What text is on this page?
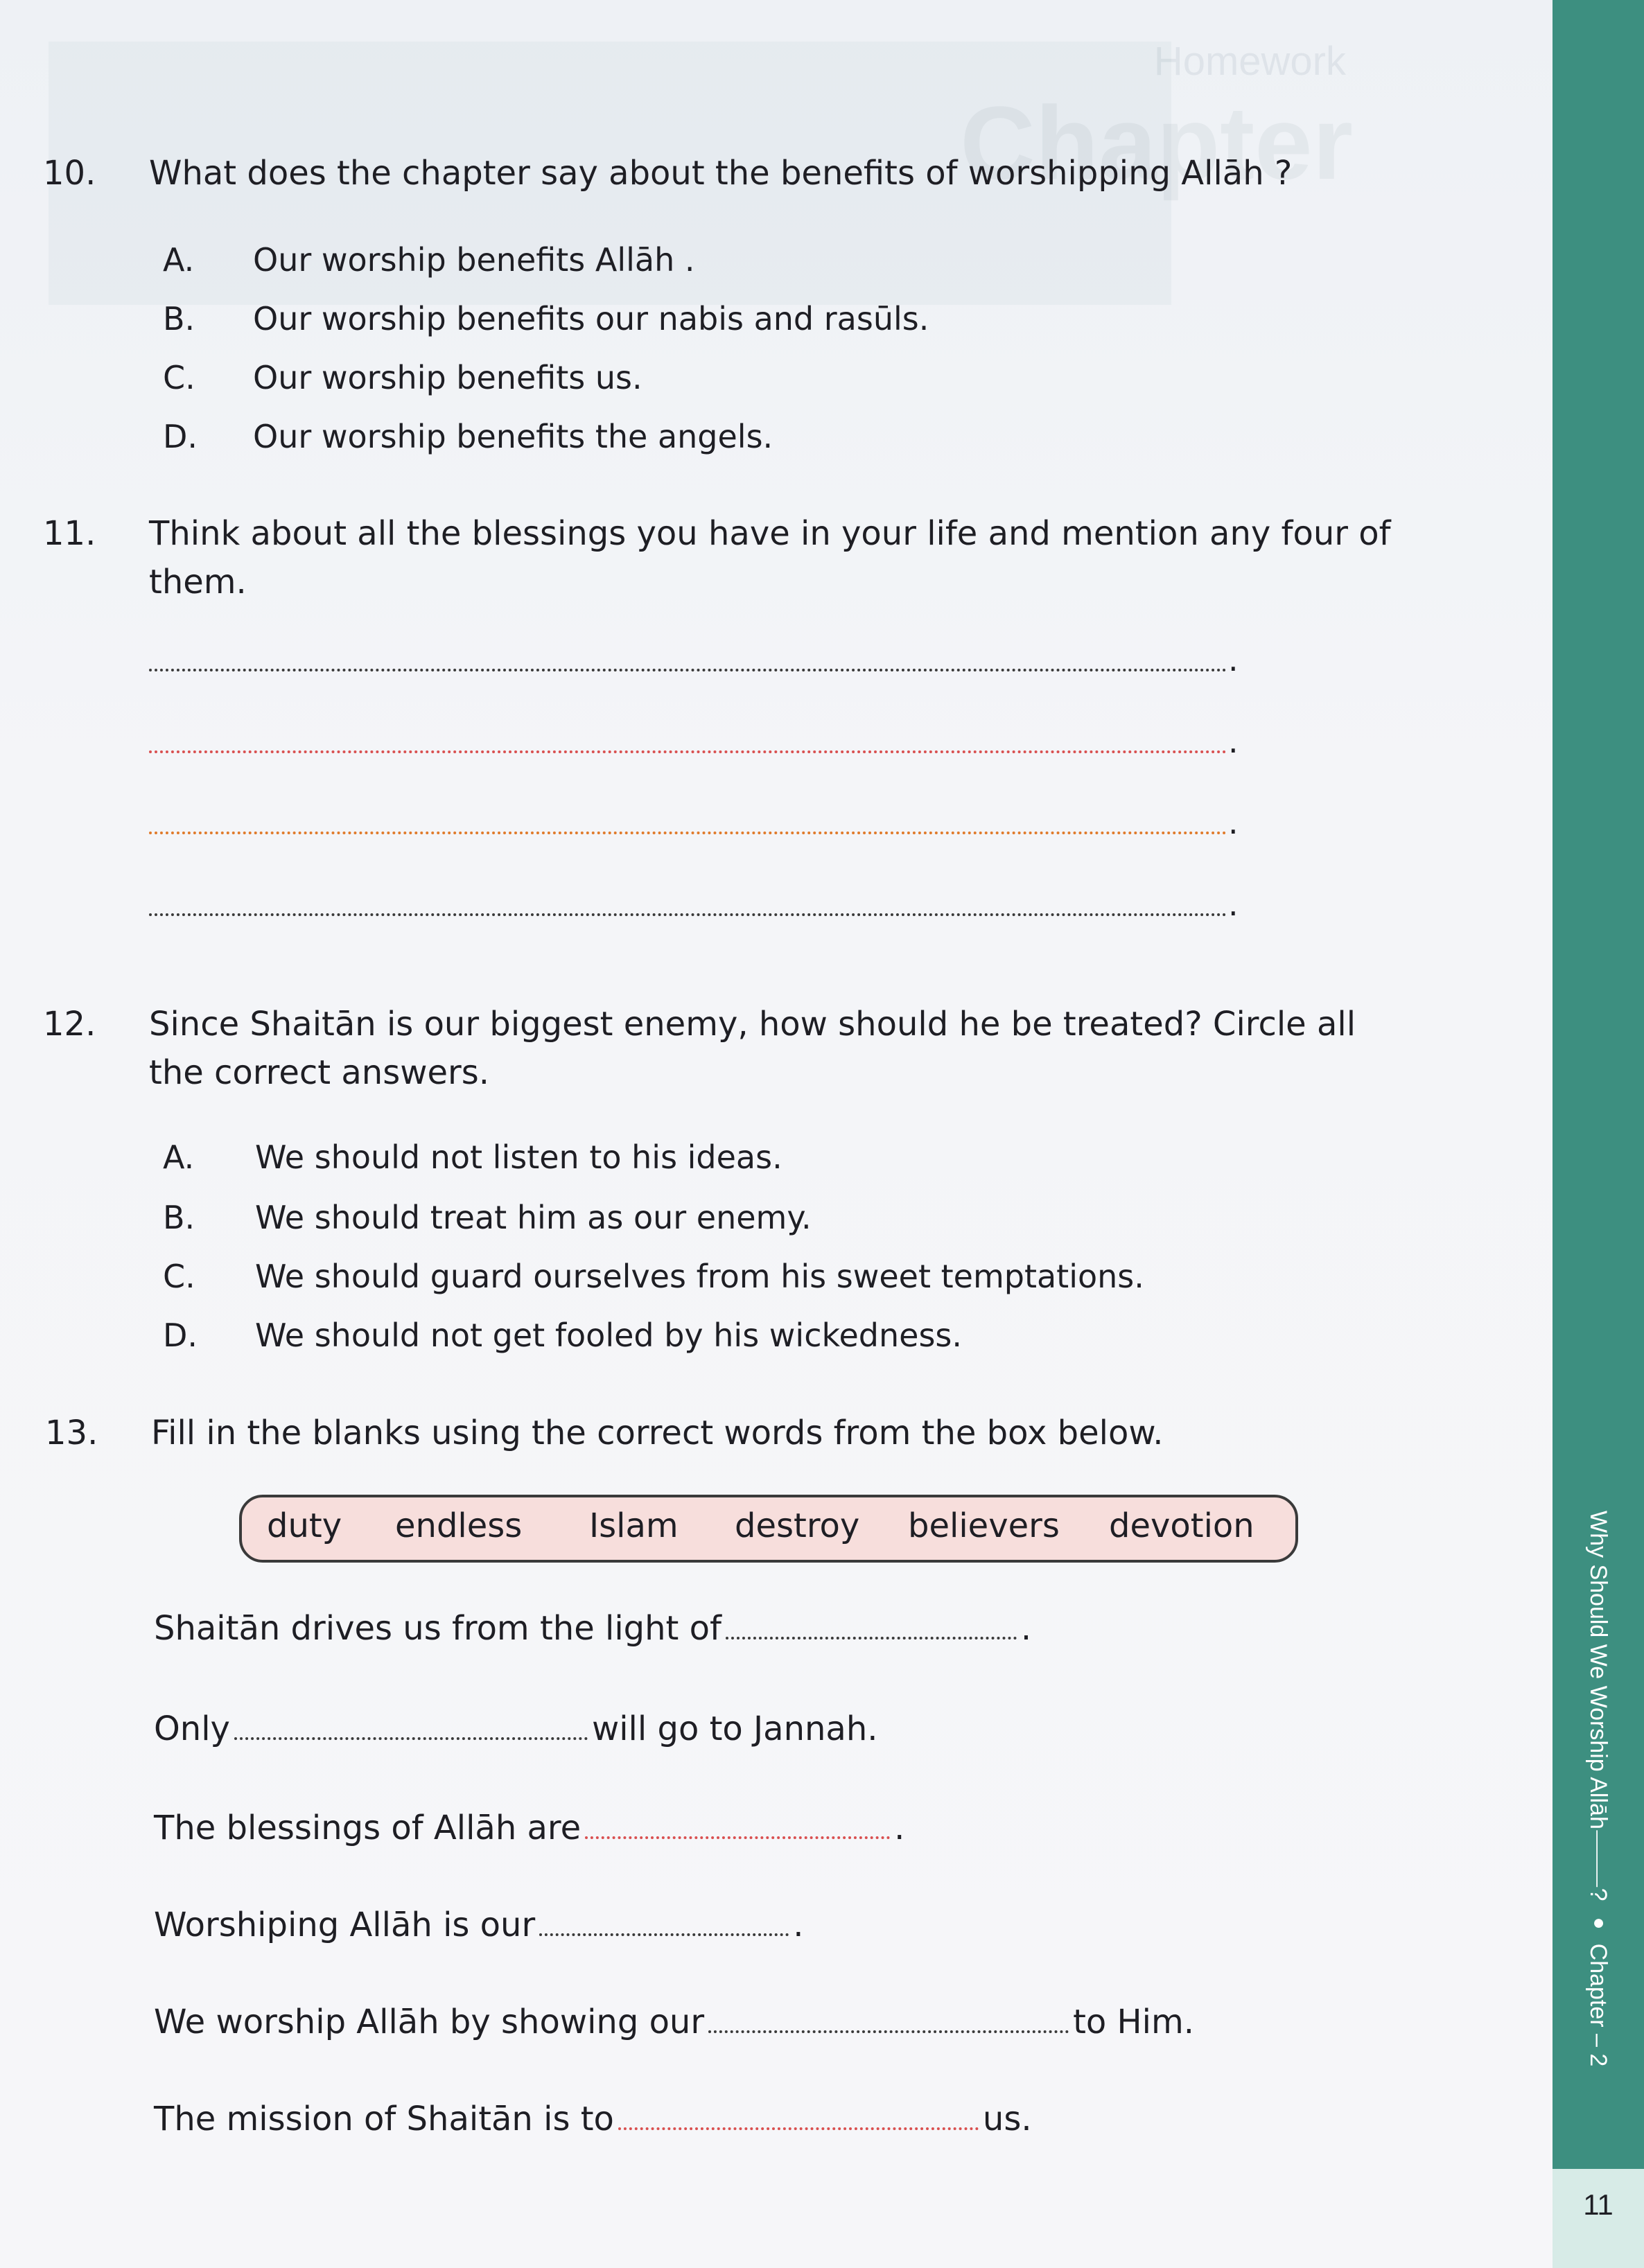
Homework
Chapter
Why Should We Worship Allāh⸻?●Chapter – 2
11
10. What does the chapter say about the benefits of worshipping Allāh ?
A. Our worship benefits Allāh .
B. Our worship benefits our nabis and rasūls.
C. Our worship benefits us.
D. Our worship benefits the angels.
11. Think about all the blessings you have in your life and mention any four of
them.
.
.
.
.
12. Since Shaitān is our biggest enemy, how should he be treated? Circle all
the correct answers.
A. We should not listen to his ideas.
B. We should treat him as our enemy.
C. We should guard ourselves from his sweet temptations.
D. We should not get fooled by his wickedness.
13. Fill in the blanks using the correct words from the box below.
duty endless Islam destroy believers devotion
Shaitān drives us from the light of	.
Only	will go to Jannah.
The blessings of Allāh are	.
Worshiping Allāh is our	.
We worship Allāh by showing our	to Him.
The mission of Shaitān is to	us.
